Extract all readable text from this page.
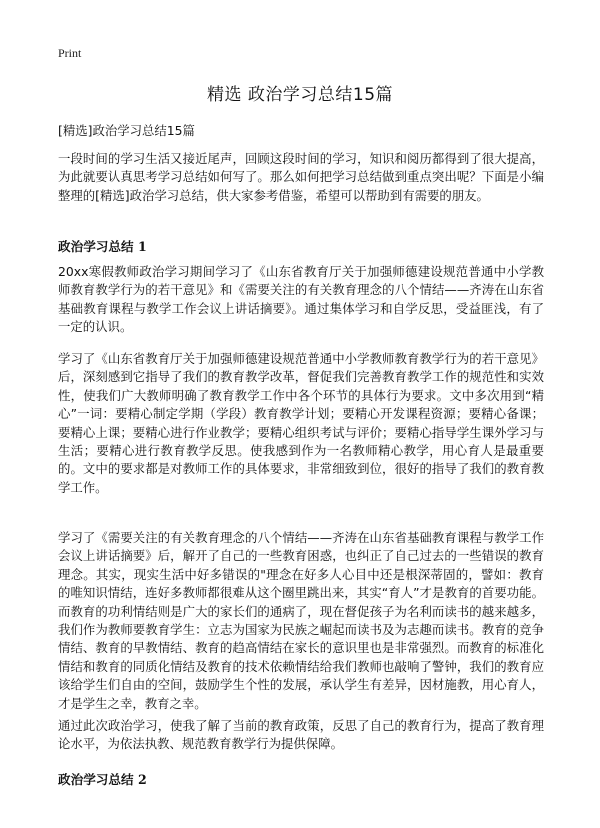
Print
精选 政治学习总结15篇
[精选]政治学习总结15篇

一段时间的学习生活又接近尾声，回顾这段时间的学习，知识和阅历都得到了很大提高，为此就要认真思考学习总结如何写了。那么如何把学习总结做到重点突出呢？下面是小编整理的[精选]政治学习总结，供大家参考借鉴，希望可以帮助到有需要的朋友。

政治学习总结 1

20xx寒假教师政治学习期间学习了《山东省教育厅关于加强师德建设规范普通中小学教师教育教学行为的若干意见》和《需要关注的有关教育理念的八个情结——齐涛在山东省基础教育课程与教学工作会议上讲话摘要》。通过集体学习和自学反思，受益匪浅，有了一定的认识。

学习了《山东省教育厅关于加强师德建设规范普通中小学教师教育教学行为的若干意见》后，深刻感到它指导了我们的教育教学改革，督促我们完善教育教学工作的规范性和实效性，使我们广大教师明确了教育教学工作中各个环节的具体行为要求。文中多次用到“精心”一词：要精心制定学期（学段）教育教学计划；要精心开发课程资源；要精心备课；要精心上课；要精心进行作业教学；要精心组织考试与评价；要精心指导学生课外学习与生活；要精心进行教育教学反思。使我感到作为一名教师精心教学，用心育人是最重要的。文中的要求都是对教师工作的具体要求，非常细致到位，很好的指导了我们的教育教学工作。

学习了《需要关注的有关教育理念的八个情结——齐涛在山东省基础教育课程与教学工作会议上讲话摘要》后，解开了自己的一些教育困惑，也纠正了自己过去的一些错误的教育理念。其实，现实生活中好多错误的"理念在好多人心目中还是根深蒂固的，譬如：教育的唯知识情结，连好多教师都很难从这个圈里跳出来，其实“育人”才是教育的首要功能。而教育的功利情结则是广大的家长们的通病了，现在督促孩子为名利而读书的越来越多，我们作为教师要教育学生：立志为国家为民族之崛起而读书及为志趣而读书。教育的竞争情结、教育的早教情结、教育的趋高情结在家长的意识里也是非常强烈。而教育的标准化情结和教育的同质化情结及教育的技术依赖情结给我们教师也敲响了警钟，我们的教育应该给学生们自由的空间，鼓励学生个性的发展，承认学生有差异，因材施教，用心育人，才是学生之幸，教育之幸。

通过此次政治学习，使我了解了当前的教育政策，反思了自己的教育行为，提高了教育理论水平，为依法执教、规范教育教学行为提供保障。

政治学习总结 2
